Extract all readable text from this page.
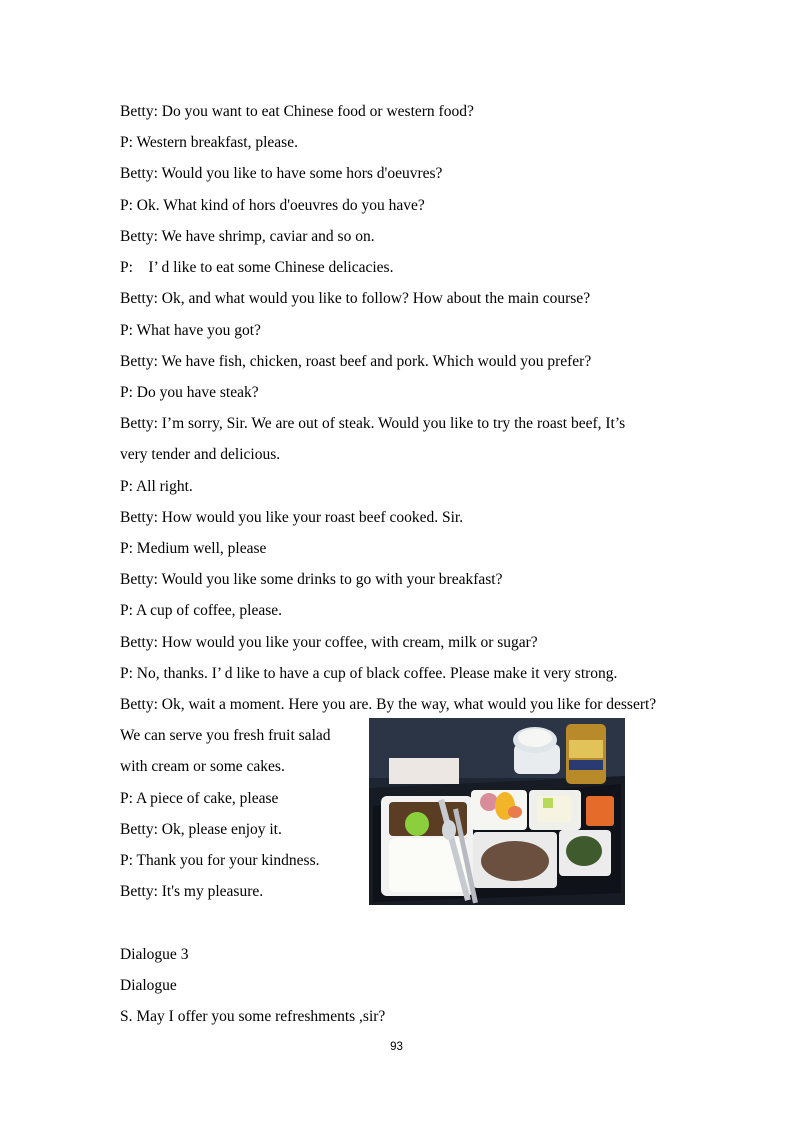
Betty: Do you want to eat Chinese food or western food?
P: Western breakfast, please.
Betty: Would you like to have some hors d'oeuvres?
P: Ok. What kind of hors d'oeuvres do you have?
Betty: We have shrimp, caviar and so on.
P:    I’ d like to eat some Chinese delicacies.
Betty: Ok, and what would you like to follow? How about the main course?
P: What have you got?
Betty: We have fish, chicken, roast beef and pork. Which would you prefer?
P: Do you have steak?
Betty: I’m sorry, Sir. We are out of steak. Would you like to try the roast beef, It’s
very tender and delicious.
P: All right.
Betty: How would you like your roast beef cooked. Sir.
P: Medium well, please
Betty: Would you like some drinks to go with your breakfast?
P: A cup of coffee, please.
Betty: How would you like your coffee, with cream, milk or sugar?
P: No, thanks. I’ d like to have a cup of black coffee. Please make it very strong.
Betty: Ok, wait a moment. Here you are. By the way, what would you like for dessert?
We can serve you fresh fruit salad
with cream or some cakes.
P: A piece of cake, please
Betty: Ok, please enjoy it.
P: Thank you for your kindness.
Betty: It's my pleasure.
Dialogue 3
Dialogue
S. May I offer you some refreshments ,sir?
93
